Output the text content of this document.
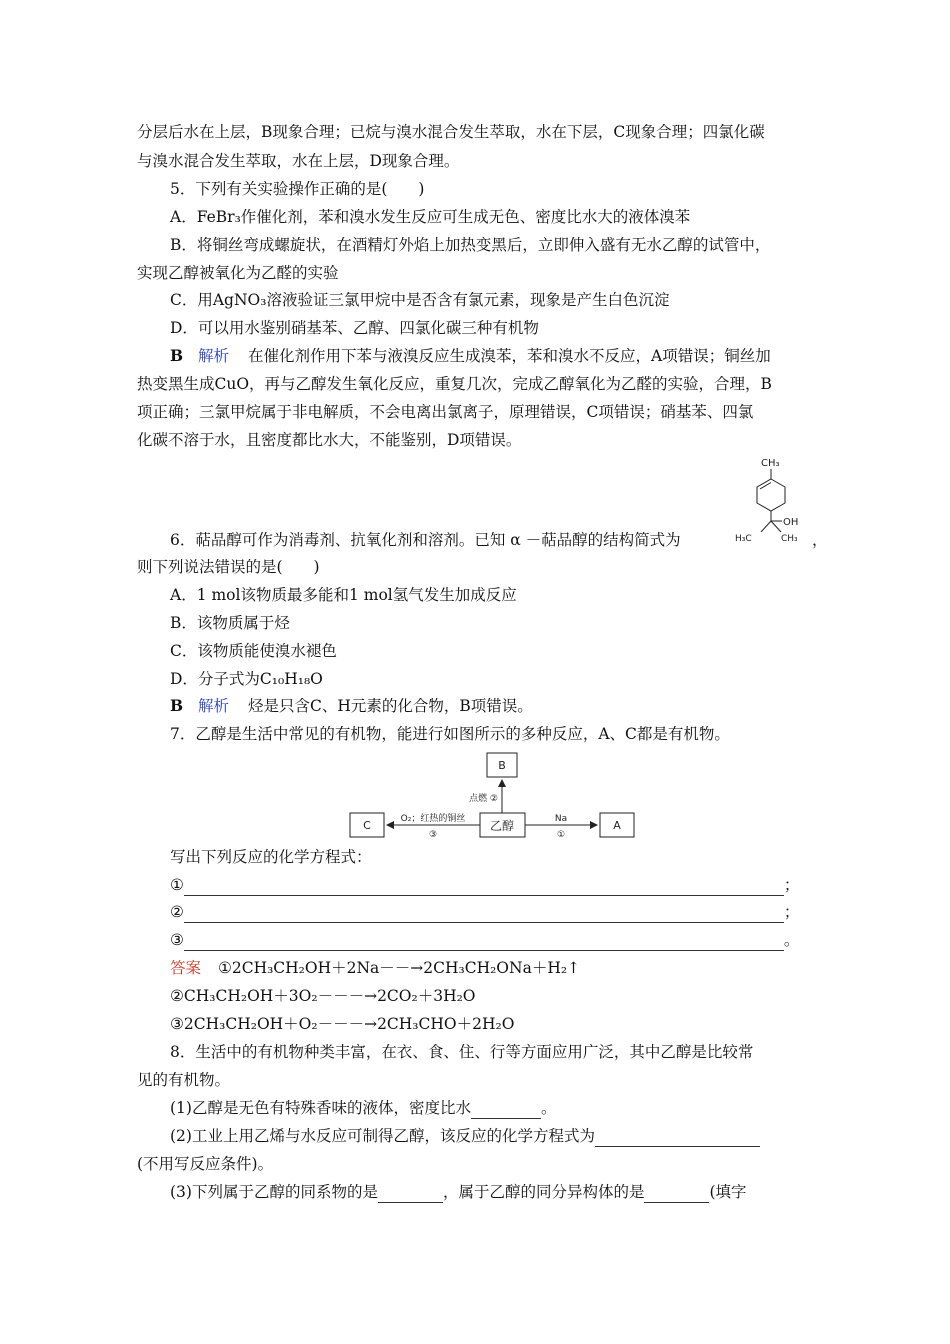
分层后水在上层，B现象合理；已烷与溴水混合发生萃取，水在下层，C现象合理；四氯化碳
与溴水混合发生萃取，水在上层，D现象合理。
5．下列有关实验操作正确的是(　　)
A．FeBr₃作催化剂，苯和溴水发生反应可生成无色、密度比水大的液体溴苯
B．将铜丝弯成螺旋状，在酒精灯外焰上加热变黑后，立即伸入盛有无水乙醇的试管中，
实现乙醇被氧化为乙醛的实验
C．用AgNO₃溶液验证三氯甲烷中是否含有氯元素，现象是产生白色沉淀
D．可以用水鉴别硝基苯、乙醇、四氯化碳三种有机物
B 解析 在催化剂作用下苯与液溴反应生成溴苯，苯和溴水不反应，A项错误；铜丝加
热变黑生成CuO，再与乙醇发生氧化反应，重复几次，完成乙醇氧化为乙醛的实验，合理，B
项正确；三氯甲烷属于非电解质，不会电离出氯离子，原理错误，C项错误；硝基苯、四氯
化碳不溶于水，且密度都比水大，不能鉴别，D项错误。
CH₃
OH
H₃C	CH₃
6．萜品醇可作为消毒剂、抗氧化剂和溶剂。已知 α －萜品醇的结构简式为	，
则下列说法错误的是(　　)
A．1 mol该物质最多能和1 mol氢气发生加成反应
B．该物质属于烃
C．该物质能使溴水褪色
D．分子式为C₁₀H₁₈O
B 解析 烃是只含C、H元素的化合物，B项错误。
7．乙醇是生活中常见的有机物，能进行如图所示的多种反应，A、C都是有机物。
B
乙醇
C	A
点燃 ②
O₂；红热的铜丝
③
Na
①
写出下列反应的化学方程式：
①	；
②	；
③	。
答案 ①2CH₃CH₂OH＋2Na－－→2CH₃CH₂ONa＋H₂↑
②CH₃CH₂OH＋3O₂－－－→2CO₂＋3H₂O
③2CH₃CH₂OH＋O₂－－－→2CH₃CHO＋2H₂O
8．生活中的有机物种类丰富，在衣、食、住、行等方面应用广泛，其中乙醇是比较常
见的有机物。
(1)乙醇是无色有特殊香味的液体，密度比水	。
(2)工业上用乙烯与水反应可制得乙醇，该反应的化学方程式为
(不用写反应条件)。
(3)下列属于乙醇的同系物的是	，属于乙醇的同分异构体的是	(填字
